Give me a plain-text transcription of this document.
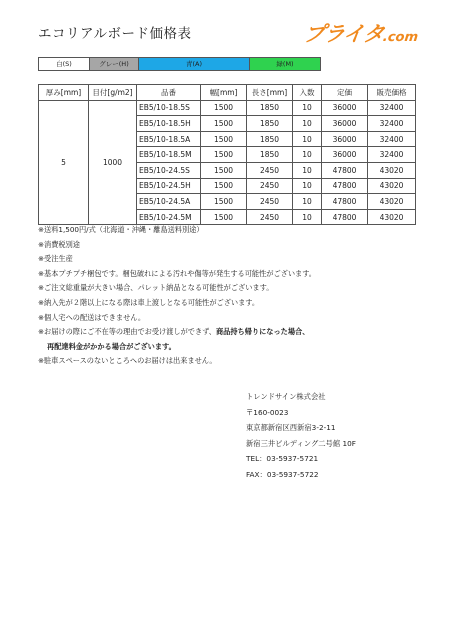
エコリアルボード価格表	プライタ.com
白(S)	グレー(H)	青(A)	緑(M)
厚み[mm]	目付[g/m2]	品番	幅[mm]	長さ[mm]	入数	定価	販売価格
5	1000	EB5/10-18.5S	1500	1850	10	36000	32400
		EB5/10-18.5H	1500	1850	10	36000	32400
		EB5/10-18.5A	1500	1850	10	36000	32400
		EB5/10-18.5M	1500	1850	10	36000	32400
		EB5/10-24.5S	1500	2450	10	47800	43020
		EB5/10-24.5H	1500	2450	10	47800	43020
		EB5/10-24.5A	1500	2450	10	47800	43020
		EB5/10-24.5M	1500	2450	10	47800	43020
※送料1,500円/式（北海道・沖縄・離島送料別途）
※消費税別途
※受注生産
※基本プチプチ梱包です。梱包破れによる汚れや傷等が発生する可能性がございます。
※ご注文総重量が大きい場合、パレット納品となる可能性がございます。
※納入先が２階以上になる際は車上渡しとなる可能性がございます。
※個人宅への配送はできません。
※お届けの際にご不在等の理由でお受け渡しができず、商品持ち帰りになった場合、
再配達料金がかかる場合がございます。
※駐車スペースのないところへのお届けは出来ません。
トレンドサイン株式会社
〒160-0023
東京都新宿区西新宿3-2-11
新宿三井ビルディング二号館 10F
TEL：03-5937-5721
FAX：03-5937-5722
